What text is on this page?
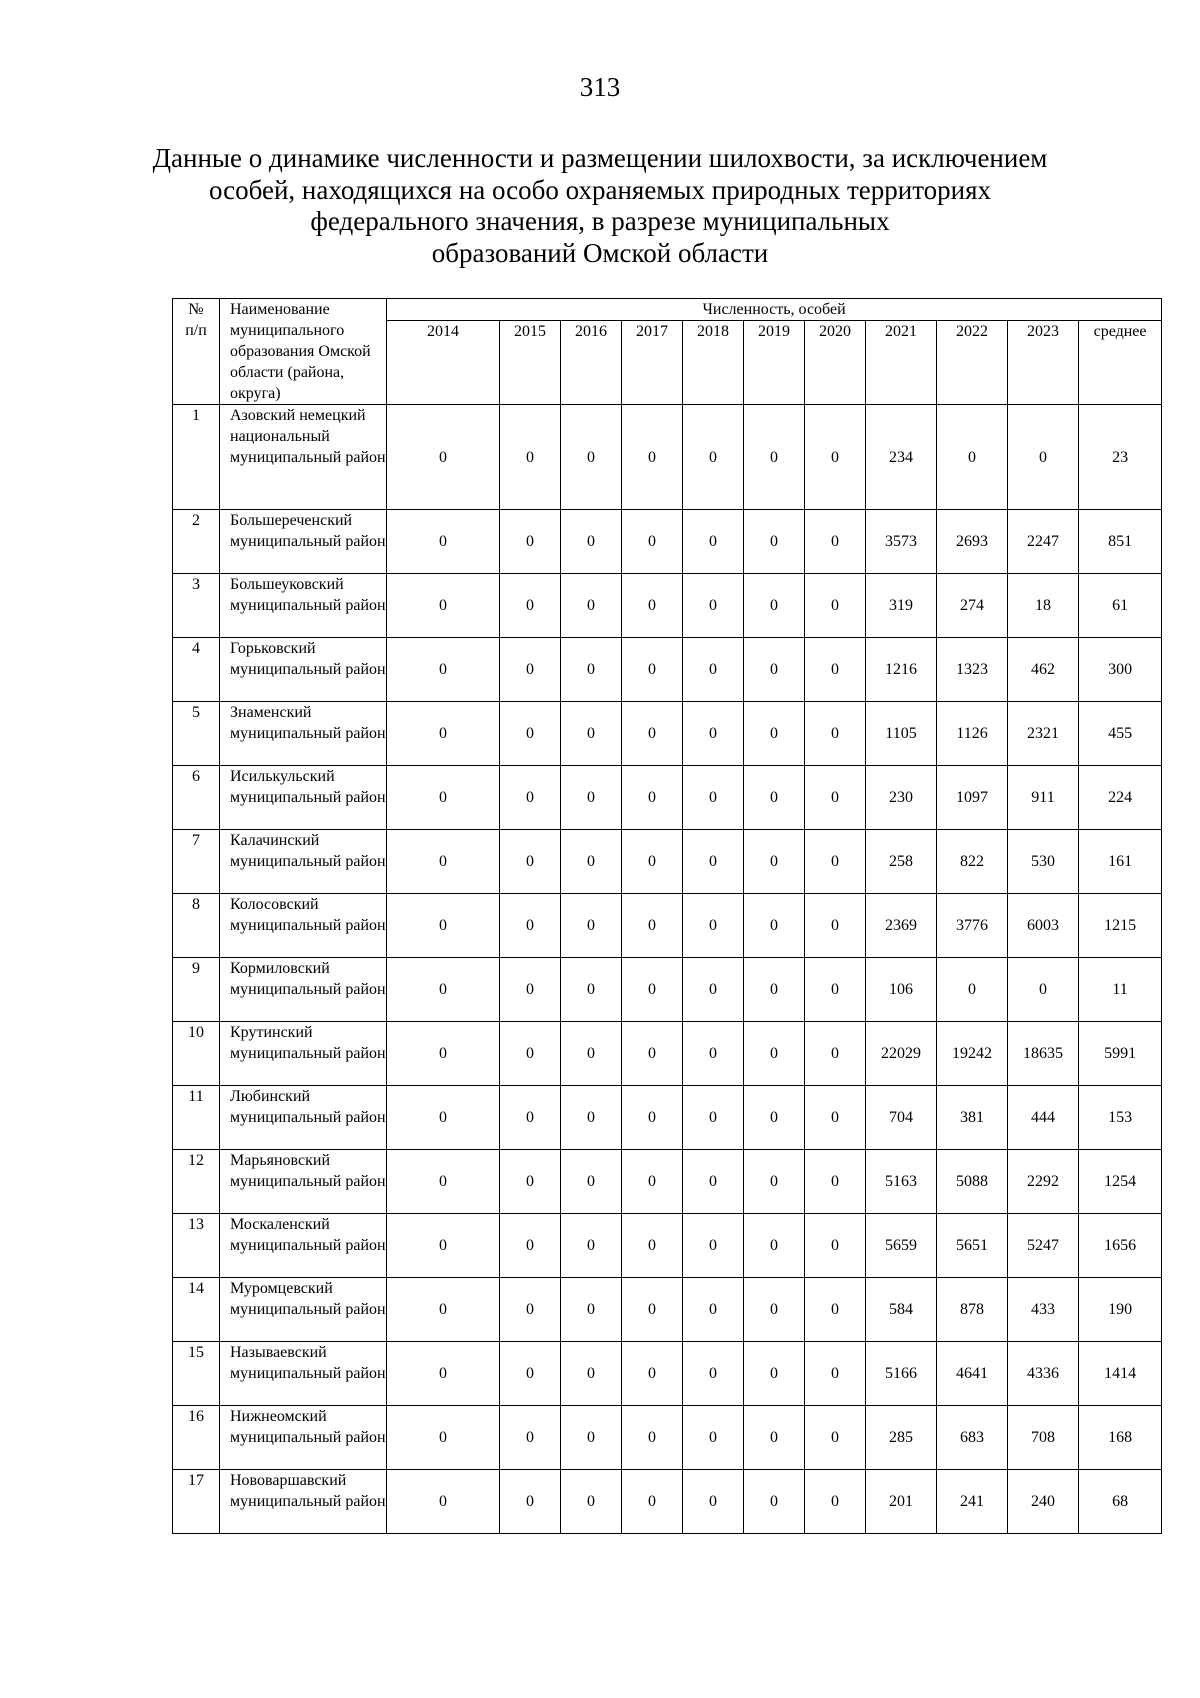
313
Данные о динамике численности и размещении шилохвости, за исключением
особей, находящихся на особо охраняемых природных территориях
федерального значения, в разрезе муниципальных
образований Омской области
№
п/п	Наименование муниципального образования Омской области (района, округа)	Численность, особей										
		2014	2015	2016	2017	2018	2019	2020	2021	2022	2023	среднее
1	Азовский немецкий национальный муниципальный район	0	0	0	0	0	0	0	234	0	0	23
2	Большереченский муниципальный район	0	0	0	0	0	0	0	3573	2693	2247	851
3	Большеуковский муниципальный район	0	0	0	0	0	0	0	319	274	18	61
4	Горьковский муниципальный район	0	0	0	0	0	0	0	1216	1323	462	300
5	Знаменский муниципальный район	0	0	0	0	0	0	0	1105	1126	2321	455
6	Исилькульский муниципальный район	0	0	0	0	0	0	0	230	1097	911	224
7	Калачинский муниципальный район	0	0	0	0	0	0	0	258	822	530	161
8	Колосовский муниципальный район	0	0	0	0	0	0	0	2369	3776	6003	1215
9	Кормиловский муниципальный район	0	0	0	0	0	0	0	106	0	0	11
10	Крутинский муниципальный район	0	0	0	0	0	0	0	22029	19242	18635	5991
11	Любинский муниципальный район	0	0	0	0	0	0	0	704	381	444	153
12	Марьяновский муниципальный район	0	0	0	0	0	0	0	5163	5088	2292	1254
13	Москаленский муниципальный район	0	0	0	0	0	0	0	5659	5651	5247	1656
14	Муромцевский муниципальный район	0	0	0	0	0	0	0	584	878	433	190
15	Называевский муниципальный район	0	0	0	0	0	0	0	5166	4641	4336	1414
16	Нижнеомский муниципальный район	0	0	0	0	0	0	0	285	683	708	168
17	Нововаршавский муниципальный район	0	0	0	0	0	0	0	201	241	240	68
